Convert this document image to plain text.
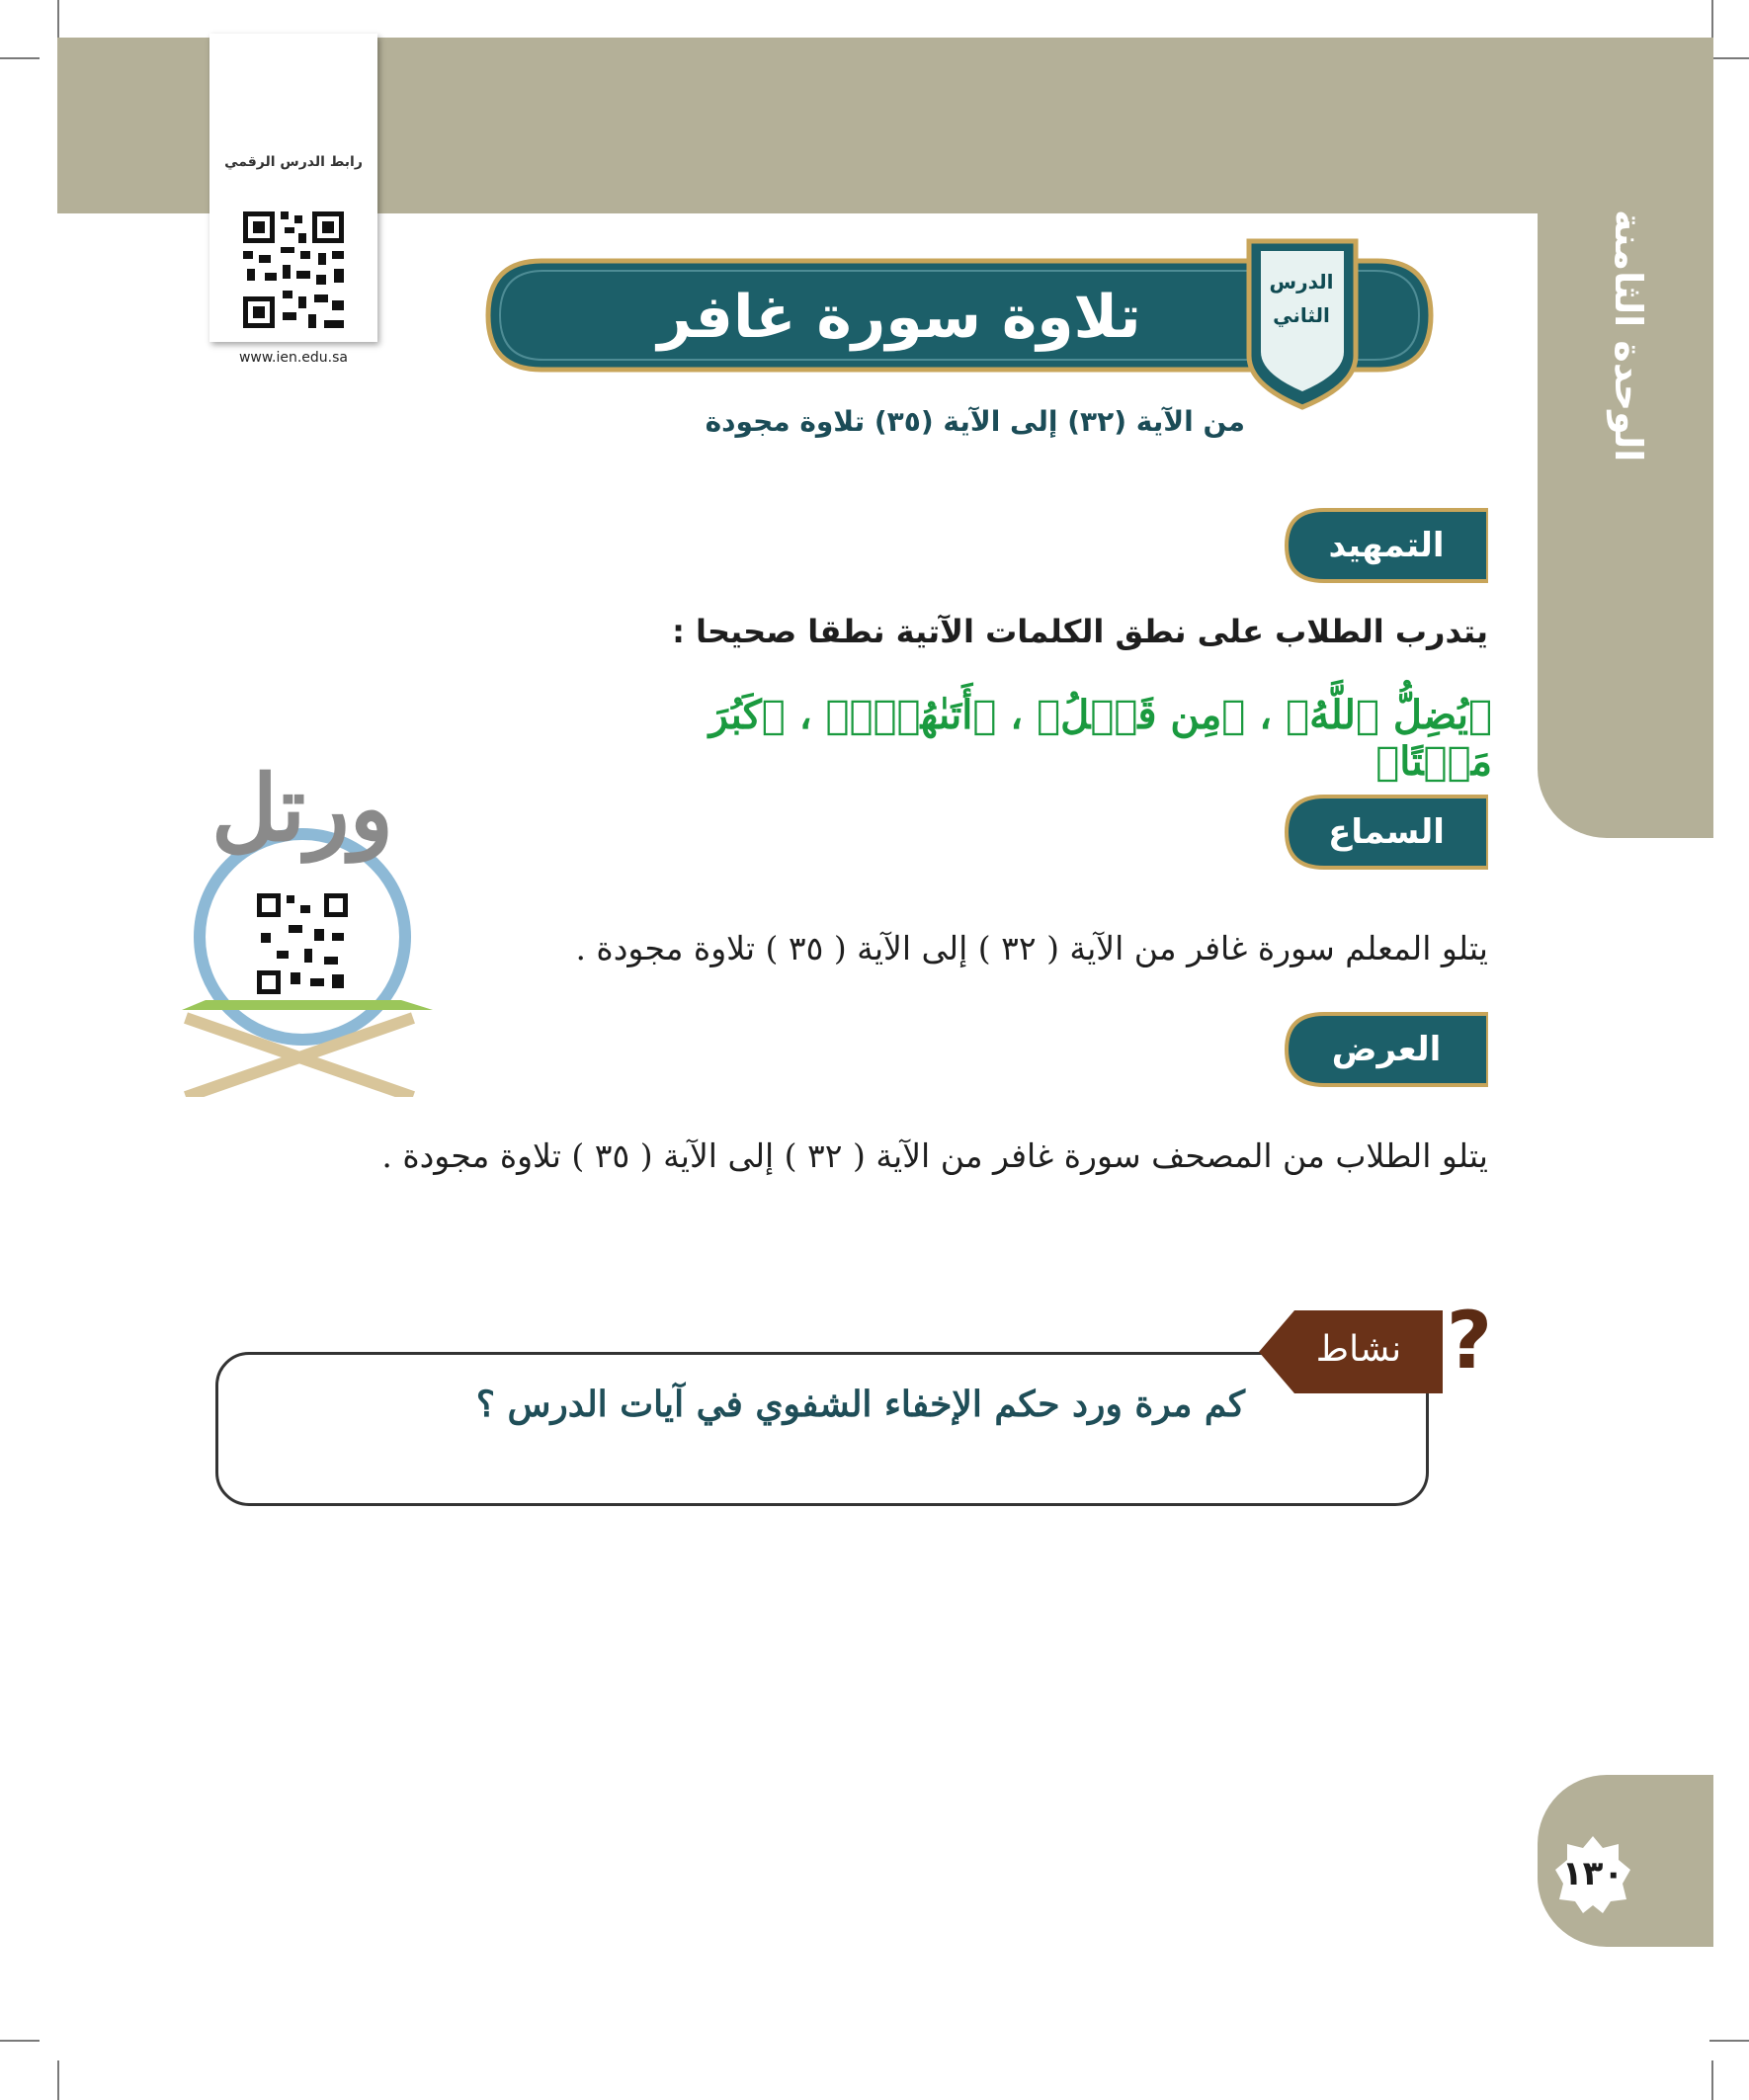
الوحدة الثامنة
رابط الدرس الرقمي
www.ien.edu.sa
الدرس
الثاني
تلاوة سورة غافر
من الآية (٣٢) إلى الآية (٣٥) تلاوة مجودة
التمهيد
يتدرب الطلاب على نطق الكلمات الآتية نطقا صحيحا :
﴿يُضِلُّ ٱللَّهُ﴾ ، ﴿مِن قَبۡلُ﴾ ، ﴿أَتَىٰهُمۡۖ﴾ ، ﴿كَبُرَ مَقۡتًا﴾
ورتل	السماع
يتلو المعلم سورة غافر من الآية ( ٣٢ ) إلى الآية ( ٣٥ ) تلاوة مجودة .
العرض
يتلو الطلاب من المصحف سورة غافر من الآية ( ٣٢ ) إلى الآية ( ٣٥ ) تلاوة مجودة .
نشاط ?
كم مرة ورد حكم الإخفاء الشفوي في آيات الدرس ؟
١٣٠
